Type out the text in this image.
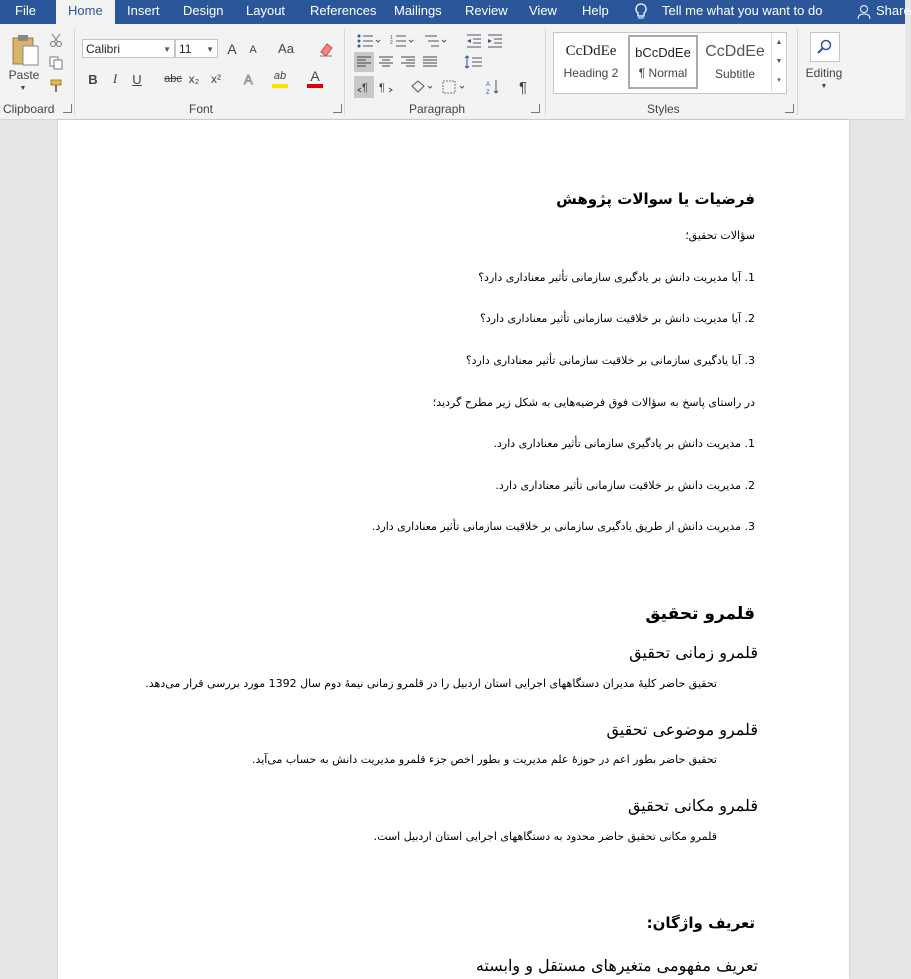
File	Home	Insert Design Layout References Mailings Review View Help	Tell me what you want to do	Share
Paste
▼
Clipboard
Calibri	▼ 11 ▼ A	A Aa
B	I	U	abc x₂ x² A	ab A
Font
1
2
¶ ¶	A
Z	¶
Paragraph
CcDdEe
Heading 2
bCcDdEe
¶ Normal
CcDdEe
Subtitle
▲
▼
▾
Styles
Editing
▼
فرضیات یا سوالات پژوهش
سؤالات تحقیق؛
1. آیا مدیریت دانش بر یادگیری سازمانی تأثیر معناداری دارد؟
2. آیا مدیریت دانش بر خلاقیت سازمانی تأثیر معناداری دارد؟
3. آیا یادگیری سازمانی بر خلاقیت سازمانی تأثیر معناداری دارد؟
در راستای پاسخ به سؤالات فوق فرضیه‌هایی به شکل زیر مطرح گردید؛
1. مدیریت دانش بر یادگیری سازمانی تأثیر معناداری دارد.
2. مدیریت دانش بر خلاقیت سازمانی تأثیر معناداری دارد.
3. مدیریت دانش از طریق یادگیری سازمانی بر خلاقیت سازمانی تأثیر معناداری دارد.
قلمرو تحقیق
قلمرو زمانی تحقیق
تحقیق حاضر کلیهٔ مدیران دستگاههای اجرایی استان اردبیل را در قلمرو زمانی نیمهٔ دوم سال 1392 مورد بررسی قرار می‌دهد.
قلمرو موضوعی تحقیق
تحقیق حاضر بطور اعم در حوزهٔ علم مدیریت و بطور اخص جزء قلمرو مدیریت دانش به حساب می‌آید.
قلمرو مکانی تحقیق
قلمرو مکانی تحقیق حاضر محدود به دستگاههای اجرایی استان اردبیل است.
تعریف واژگان:
تعریف مفهومی متغیرهای مستقل و وابسته
